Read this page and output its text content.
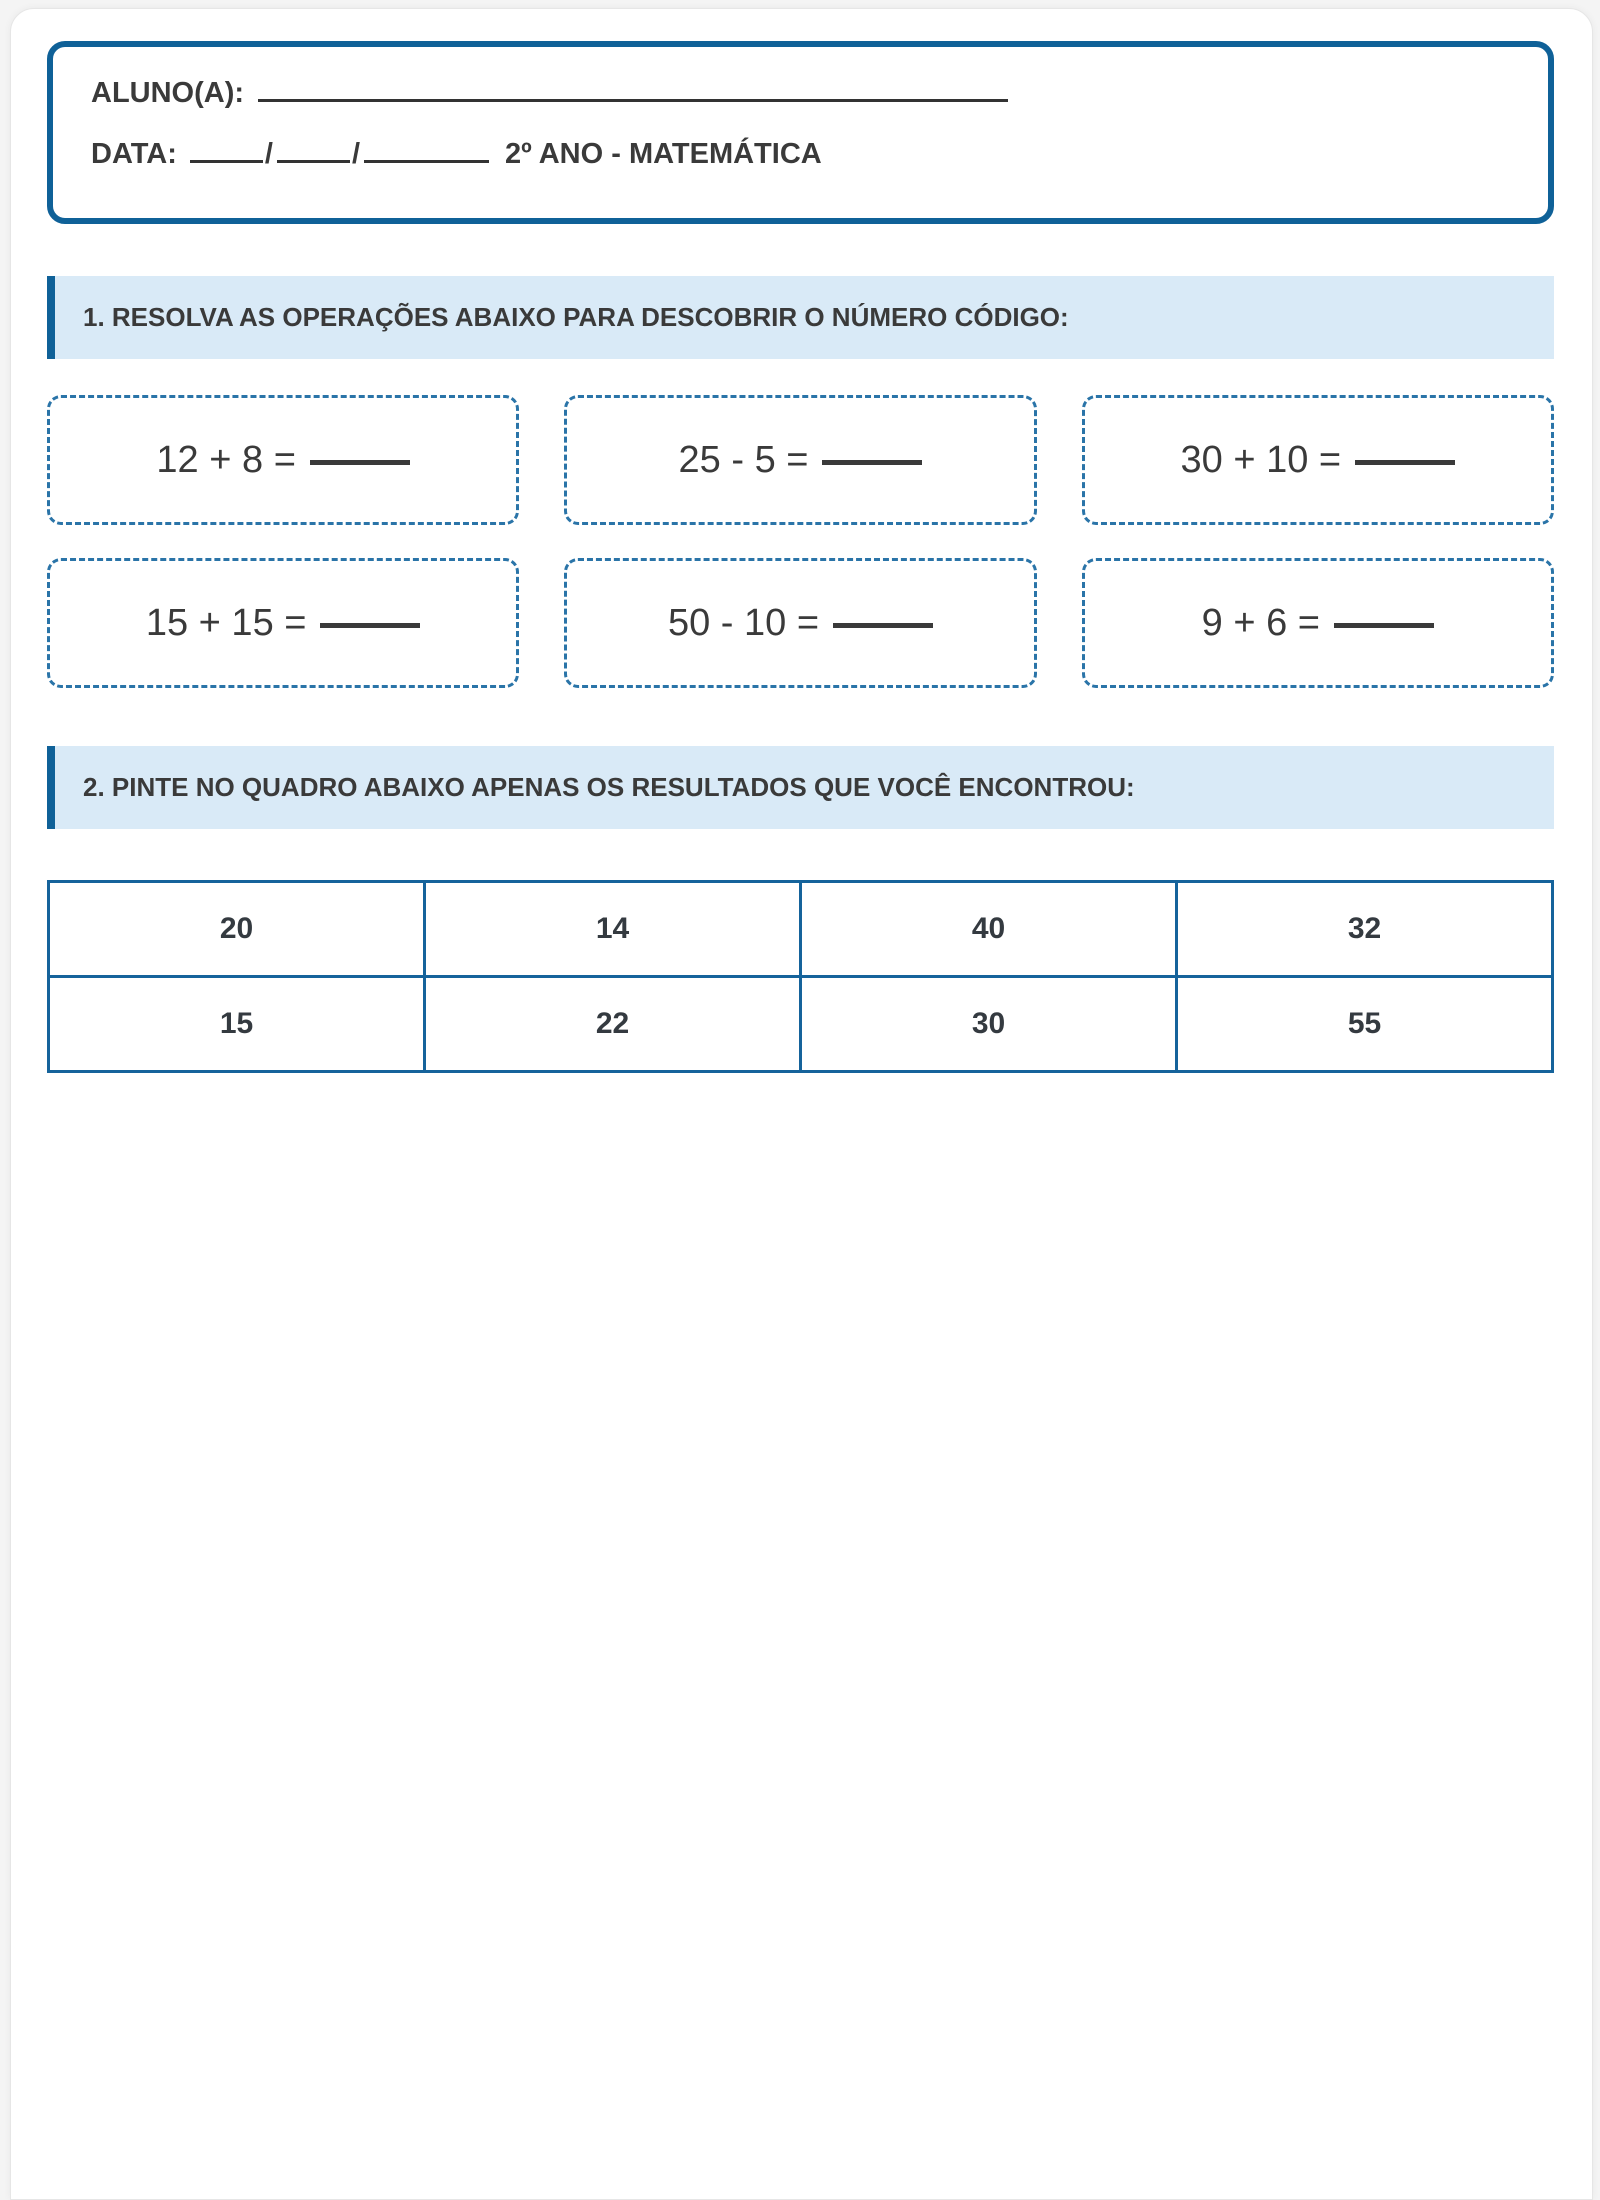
ALUNO(A):
DATA:	/	/	2º ANO - MATEMÁTICA
1. RESOLVA AS OPERAÇÕES ABAIXO PARA DESCOBRIR O NÚMERO CÓDIGO:
12 + 8 =	25 - 5 =	30 + 10 =
15 + 15 =	50 - 10 =	9 + 6 =
2. PINTE NO QUADRO ABAIXO APENAS OS RESULTADOS QUE VOCÊ ENCONTROU:
20	14	40	32
15	22	30	55
